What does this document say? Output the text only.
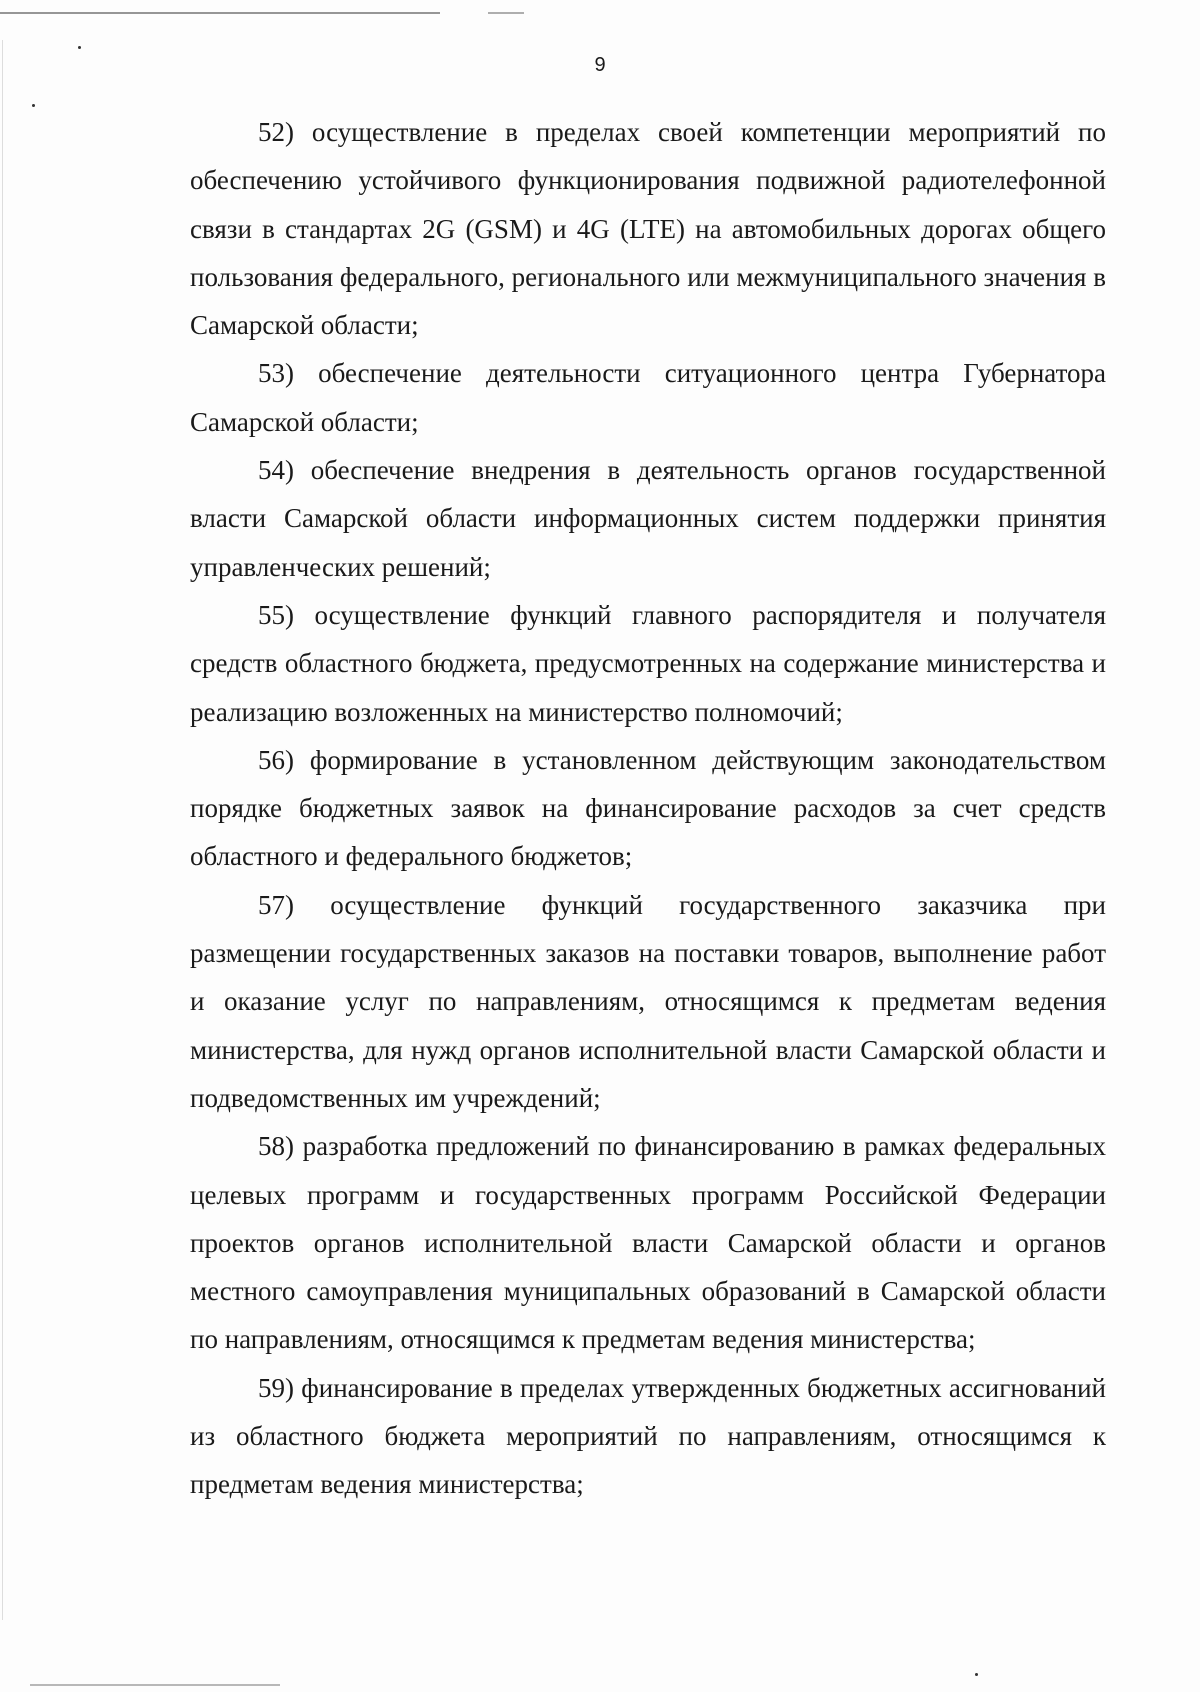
9

52) осуществление в пределах своей компетенции мероприятий по обеспечению устойчивого функционирования подвижной радиотелефонной связи в стандартах 2G (GSM) и 4G (LTE) на автомобильных дорогах общего пользования федерального, регионального или межмуниципального значения в Самарской области;

53) обеспечение деятельности ситуационного центра Губернатора Самарской области;

54) обеспечение внедрения в деятельность органов государственной власти Самарской области информационных систем поддержки принятия управленческих решений;

55) осуществление функций главного распорядителя и получателя средств областного бюджета, предусмотренных на содержание министерства и реализацию возложенных на министерство полномочий;

56) формирование в установленном действующим законодательством порядке бюджетных заявок на финансирование расходов за счет средств областного и федерального бюджетов;

57) осуществление функций государственного заказчика при размещении государственных заказов на поставки товаров, выполнение работ и оказание услуг по направлениям, относящимся к предметам ведения министерства, для нужд органов исполнительной власти Самарской области и подведомственных им учреждений;

58) разработка предложений по финансированию в рамках федеральных целевых программ и государственных программ Российской Федерации проектов органов исполнительной власти Самарской области и органов местного самоуправления муниципальных образований в Самарской области по направлениям, относящимся к предметам ведения министерства;

59) финансирование в пределах утвержденных бюджетных ассигнований из областного бюджета мероприятий по направлениям, относящимся к предметам ведения министерства;
